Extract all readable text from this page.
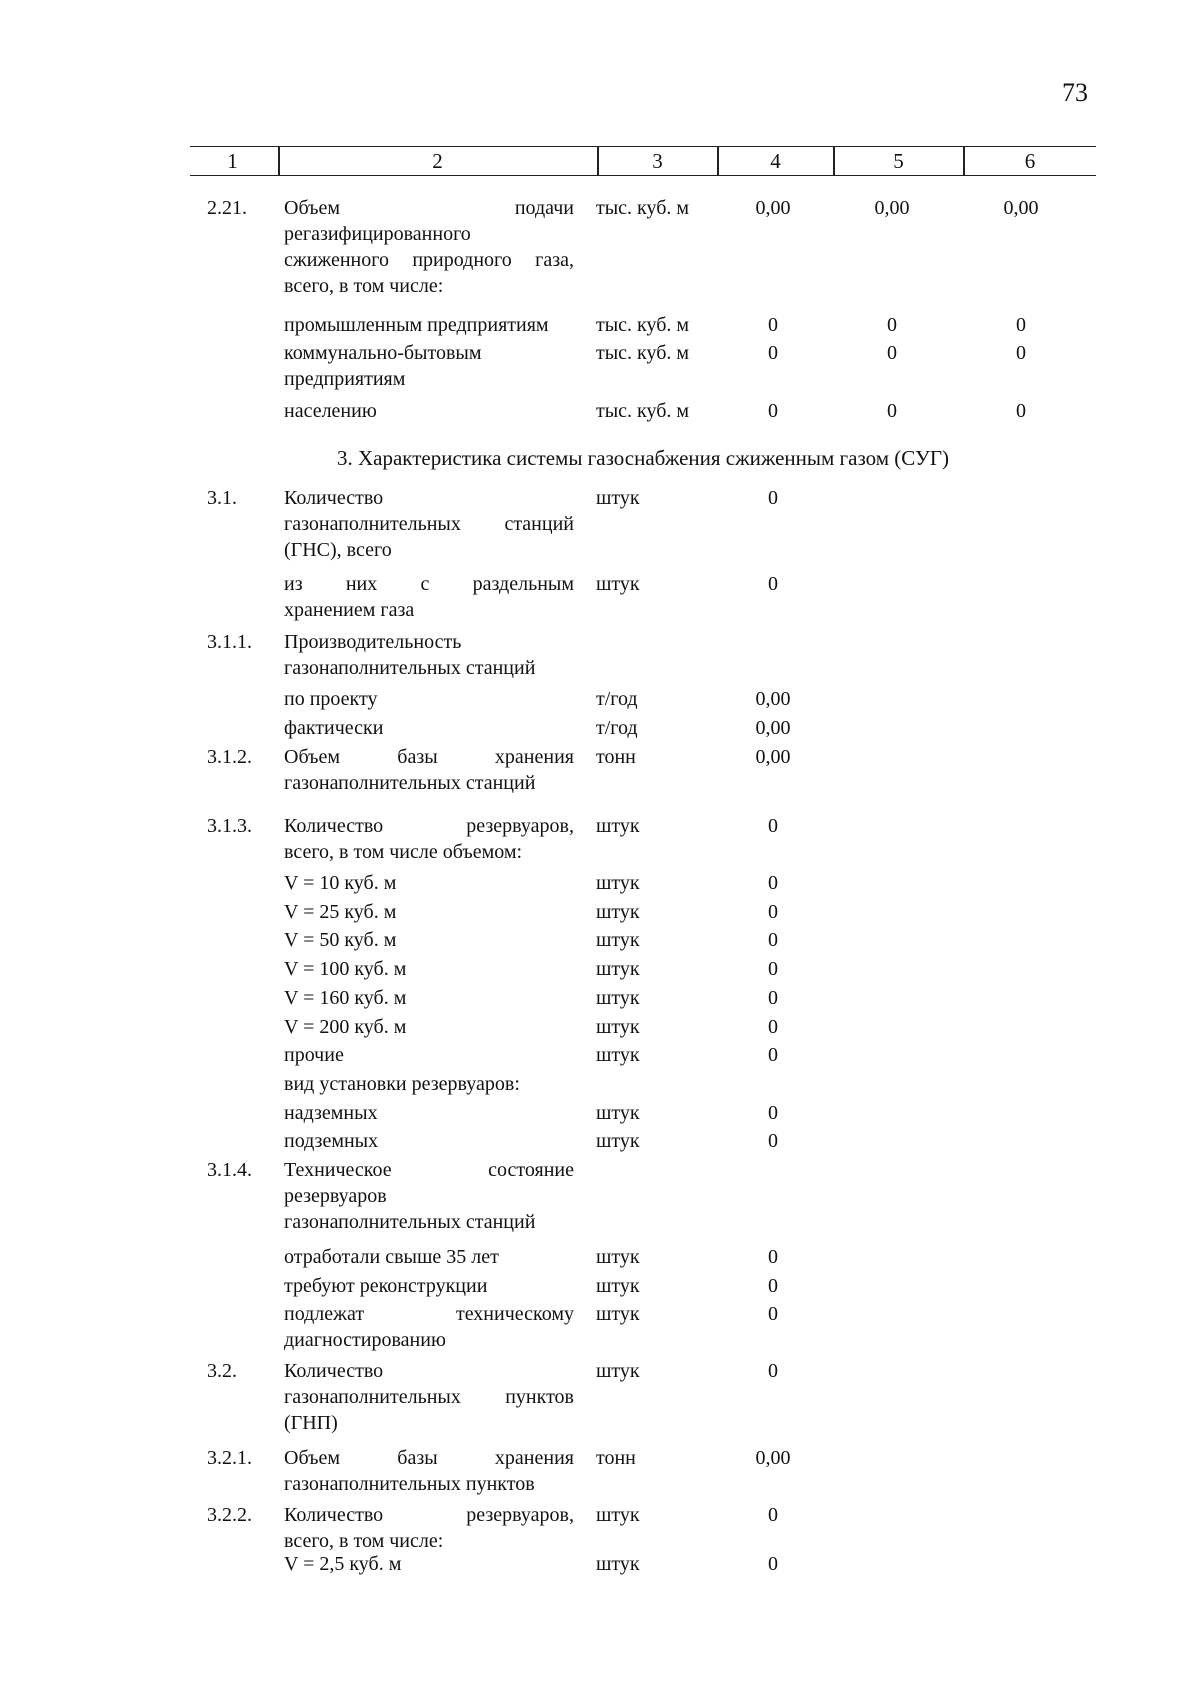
73
1	2	3	4	5	6
3. Характеристика системы газоснабжения сжиженным газом (СУГ)
2.21. Объем подачи
регазифицированного
сжиженного природного газа,
всего, в том числе:
тыс. куб. м	0,00	0,00	0,00
промышленным предприятиям тыс. куб. м	0	0	0
коммунально-бытовым
предприятиям
тыс. куб. м	0	0	0
населению	тыс. куб. м	0	0	0
3.1. Количество
газонаполнительных станций
(ГНС), всего
штук	0
из них с раздельным
хранением газа
штук	0
3.1.1. Производительность
газонаполнительных станций
по проекту	т/год	0,00
фактически	т/год	0,00
3.1.2. Объем базы хранения
газонаполнительных станций
тонн	0,00
3.1.3. Количество резервуаров,
всего, в том числе объемом:
штук	0
V = 10 куб. м	штук	0
V = 25 куб. м	штук	0
V = 50 куб. м	штук	0
V = 100 куб. м	штук	0
V = 160 куб. м	штук	0
V = 200 куб. м	штук	0
прочие	штук	0
вид установки резервуаров:
надземных	штук	0
подземных	штук	0
3.1.4. Техническое состояние
резервуаров
газонаполнительных станций
отработали свыше 35 лет	штук	0
требуют реконструкции	штук	0
подлежат техническому
диагностированию
штук	0
3.2. Количество
газонаполнительных пунктов
(ГНП)
штук	0
3.2.1. Объем базы хранения
газонаполнительных пунктов
тонн	0,00
3.2.2. Количество резервуаров,
всего, в том числе:
штук	0
V = 2,5 куб. м	штук	0
